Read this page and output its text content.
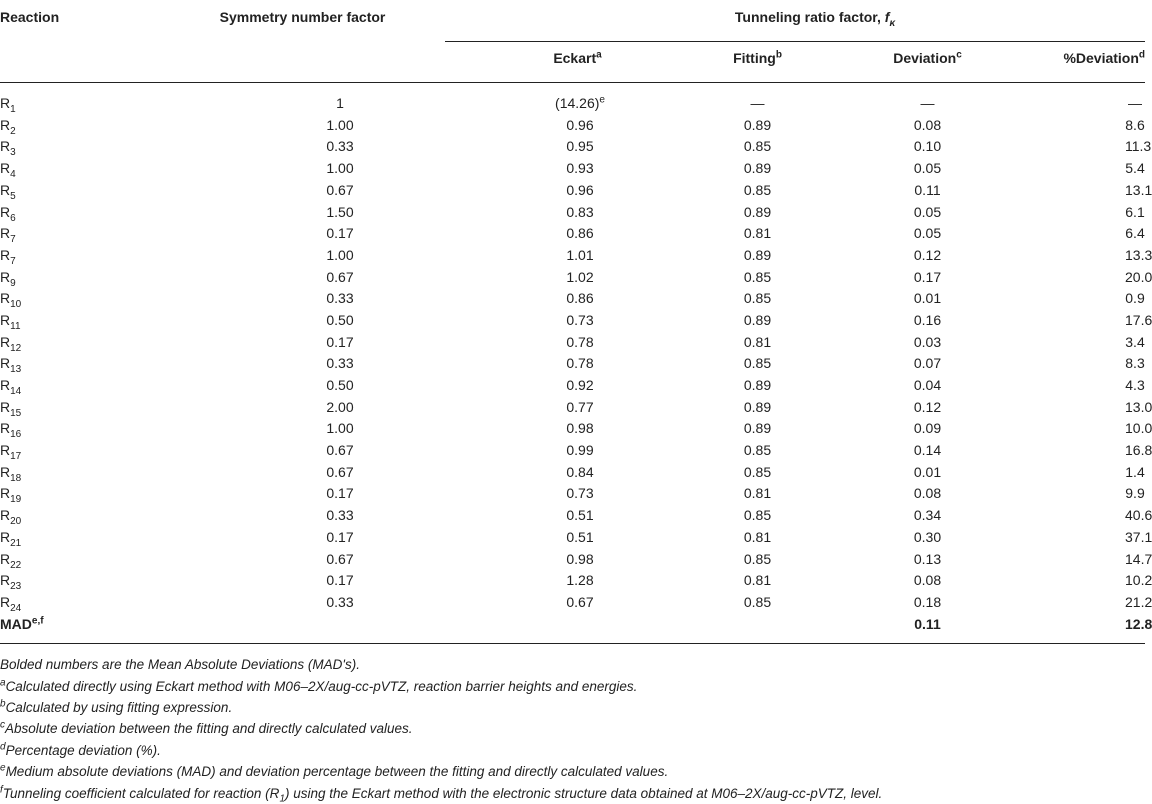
Reaction	Symmetry number factor	Tunneling ratio factor, $f_\kappa$
		Eckart$^a$	Fitting$^b$	Deviation$^c$	%Deviation$^d$
$R_1$	1	$(14.26)^e$	—	—	—
$R_2$	1.00	0.96	0.89	0.08	8.6
$R_3$	0.33	0.95	0.85	0.10	11.3
$R_4$	1.00	0.93	0.89	0.05	5.4
$R_5$	0.67	0.96	0.85	0.11	13.1
$R_6$	1.50	0.83	0.89	0.05	6.1
$R_7$	0.17	0.86	0.81	0.05	6.4
$R_7$	1.00	1.01	0.89	0.12	13.3
$R_9$	0.67	1.02	0.85	0.17	20.0
$R_{10}$	0.33	0.86	0.85	0.01	0.9
$R_{11}$	0.50	0.73	0.89	0.16	17.6
$R_{12}$	0.17	0.78	0.81	0.03	3.4
$R_{13}$	0.33	0.78	0.85	0.07	8.3
$R_{14}$	0.50	0.92	0.89	0.04	4.3
$R_{15}$	2.00	0.77	0.89	0.12	13.0
$R_{16}$	1.00	0.98	0.89	0.09	10.0
$R_{17}$	0.67	0.99	0.85	0.14	16.8
$R_{18}$	0.67	0.84	0.85	0.01	1.4
$R_{19}$	0.17	0.73	0.81	0.08	9.9
$R_{20}$	0.33	0.51	0.85	0.34	40.6
$R_{21}$	0.17	0.51	0.81	0.30	37.1
$R_{22}$	0.67	0.98	0.85	0.13	14.7
$R_{23}$	0.17	1.28	0.81	0.08	10.2
$R_{24}$	0.33	0.67	0.85	0.18	21.2
MAD$^{e,f}$				0.11	12.8
Bolded numbers are the Mean Absolute Deviations (MAD's).
$^a$Calculated directly using Eckart method with M06–2X/aug-cc-pVTZ, reaction barrier heights and energies.
$^b$Calculated by using fitting expression.
$^c$Absolute deviation between the fitting and directly calculated values.
$^d$Percentage deviation (%).
$^e$Medium absolute deviations (MAD) and deviation percentage between the fitting and directly calculated values.
$^f$Tunneling coefficient calculated for reaction $(R_1)$ using the Eckart method with the electronic structure data obtained at M06–2X/aug-cc-pVTZ, level.
